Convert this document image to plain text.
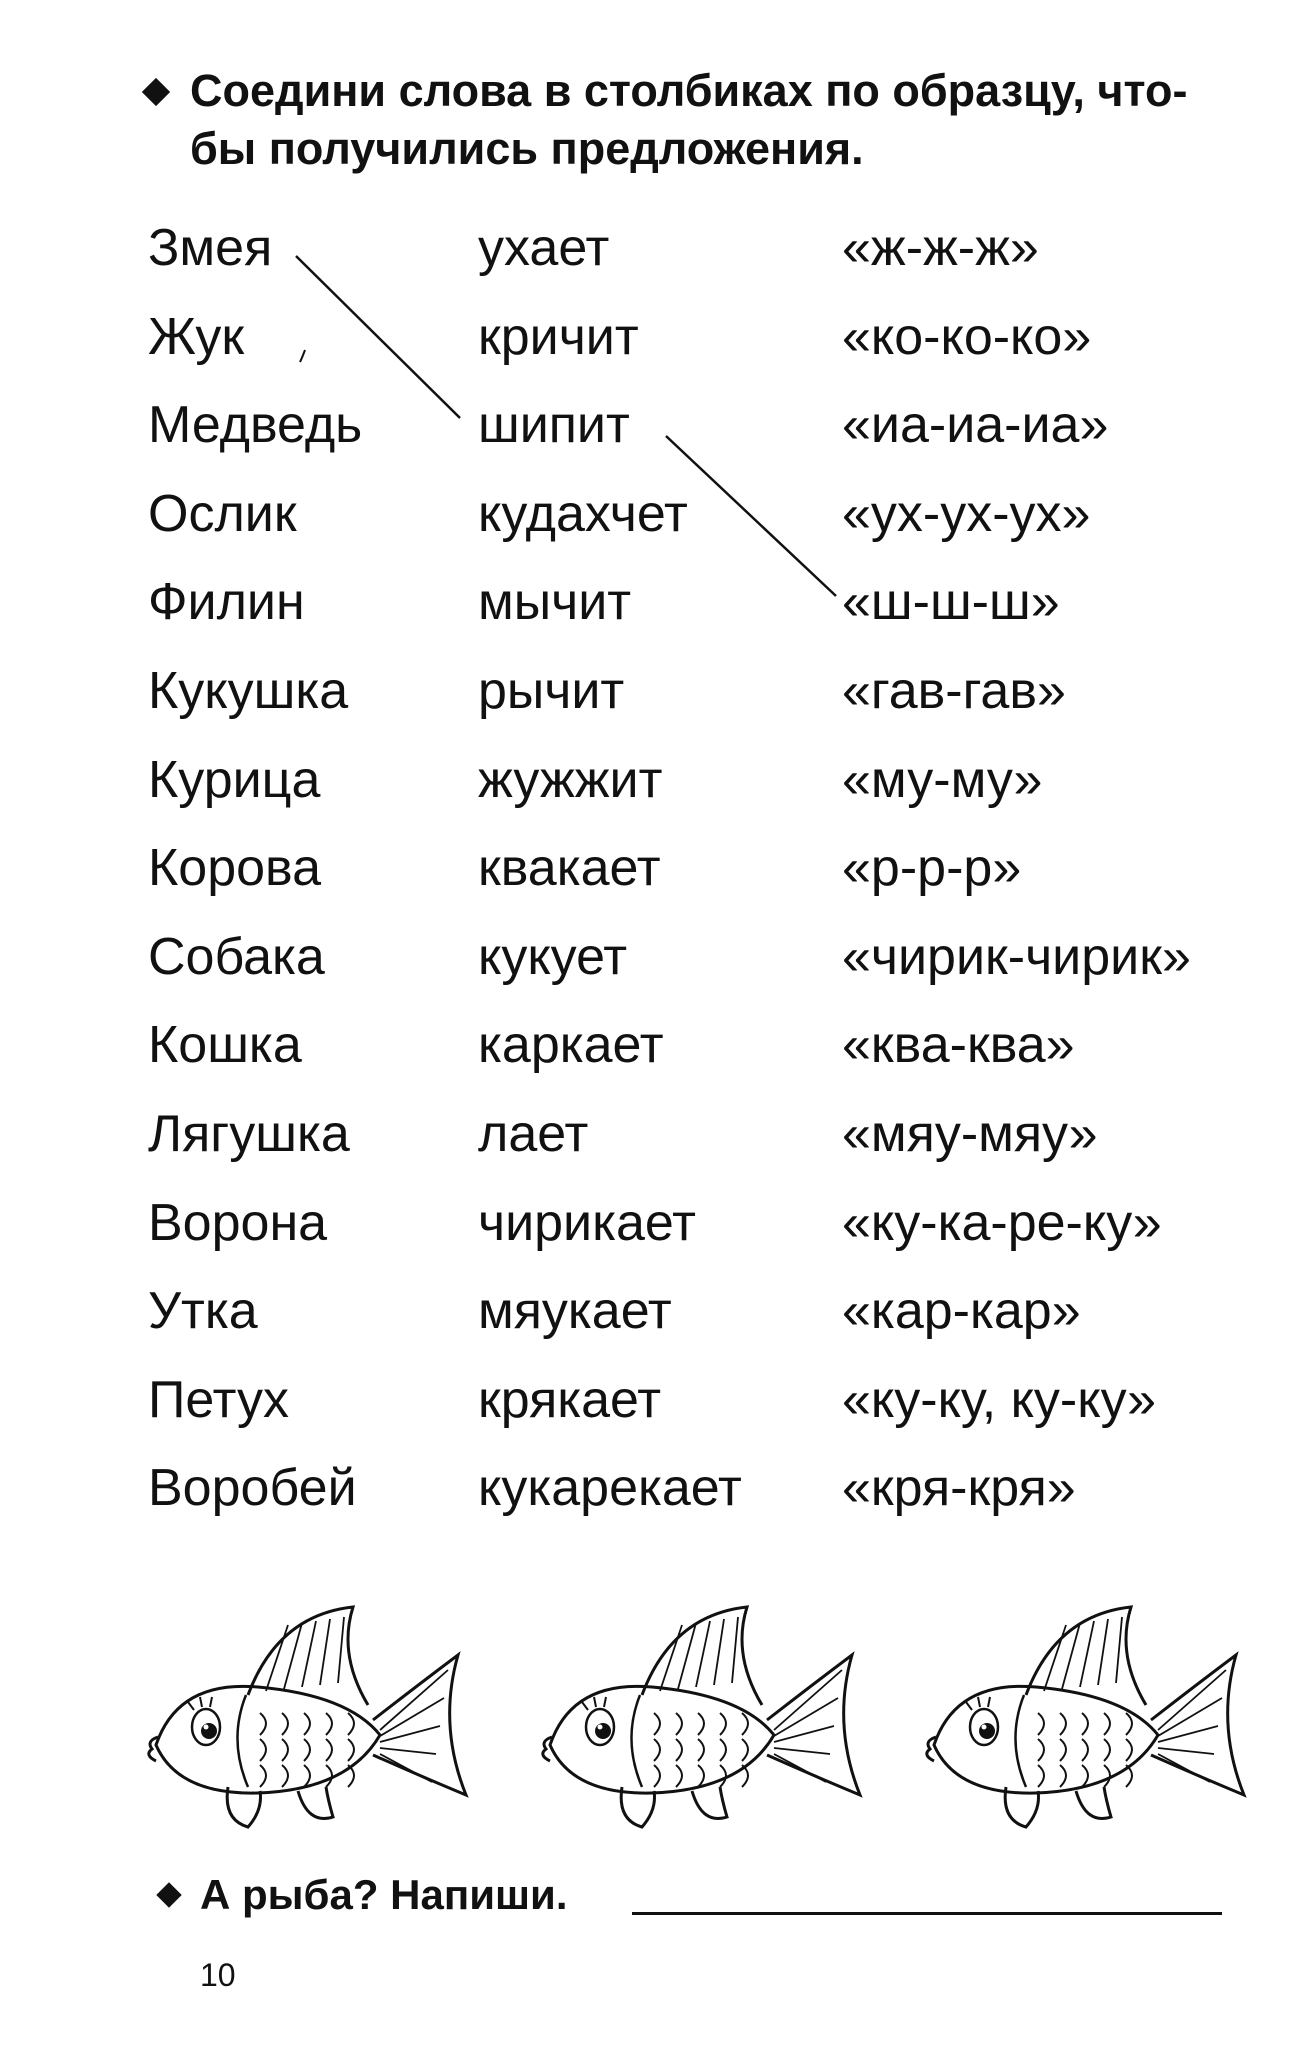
Соедини слова в столбиках по образцу, что-бы получились предложения.
Змея
Жук
Медведь
Ослик
Филин
Кукушка
Курица
Корова
Собака
Кошка
Лягушка
Ворона
Утка
Петух
Воробей
ухает
кричит
шипит
кудахчет
мычит
рычит
жужжит
квакает
кукует
каркает
лает
чирикает
мяукает
крякает
кукарекает
«ж-ж-ж»
«ко-ко-ко»
«иа-иа-иа»
«ух-ух-ух»
«ш-ш-ш»
«гав-гав»
«му-му»
«р-р-р»
«чирик-чирик»
«ква-ква»
«мяу-мяу»
«ку-ка-ре-ку»
«кар-кар»
«ку-ку, ку-ку»
«кря-кря»
А рыба? Напиши.
10
